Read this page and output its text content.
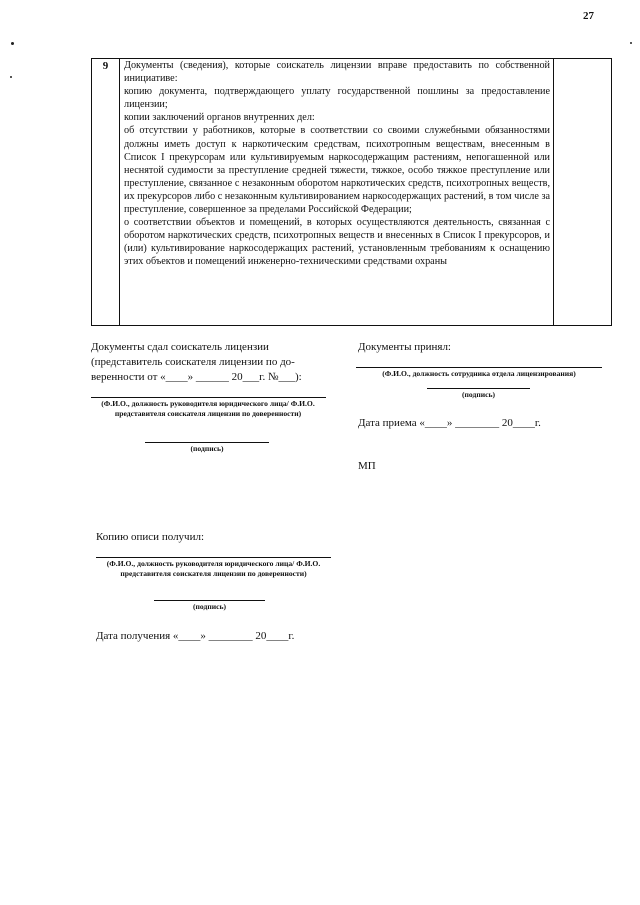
27
9	Документы (сведения), которые соискатель лицензии вправе предоставить по собственной инициативе:

копию документа, подтверждающего уплату государственной пошлины за предоставление лицензии;

копии заключений органов внутренних дел:

об отсутствии у работников, которые в соответствии со своими служебными обязанностями должны иметь доступ к наркотическим средствам, психотропным веществам, внесенным в Список I прекурсорам или культивируемым наркосодержащим растениям, непогашенной или неснятой судимости за преступление средней тяжести, тяжкое, особо тяжкое преступление или преступление, связанное с незаконным оборотом наркотических средств, психотропных веществ, их прекурсоров либо с незаконным культивированием наркосодержащих растений, в том числе за преступление, совершенное за пределами Российской Федерации;

о соответствии объектов и помещений, в которых осуществляются деятельность, связанная с оборотом наркотических средств, психотропных веществ и внесенных в Список I прекурсоров, и (или) культивирование наркосодержащих растений, установленным требованиям к оснащению этих объектов и помещений инженерно-техническими средствами охраны

Документы сдал соискатель лицензии
(представитель соискателя лицензии по до-
веренности от «____» ______ 20___г. №___):
(Ф.И.О., должность руководителя юридического лица/ Ф.И.О. представителя соискателя лицензии по доверенности)
(подпись)
Документы принял:
(Ф.И.О., должность сотрудника отдела лицензирования)
(подпись)
Дата приема «____» ________ 20____г.
МП
Копию описи получил:
(Ф.И.О., должность руководителя юридического лица/ Ф.И.О. представителя соискателя лицензии по доверенности)
(подпись)
Дата получения «____» ________ 20____г.
